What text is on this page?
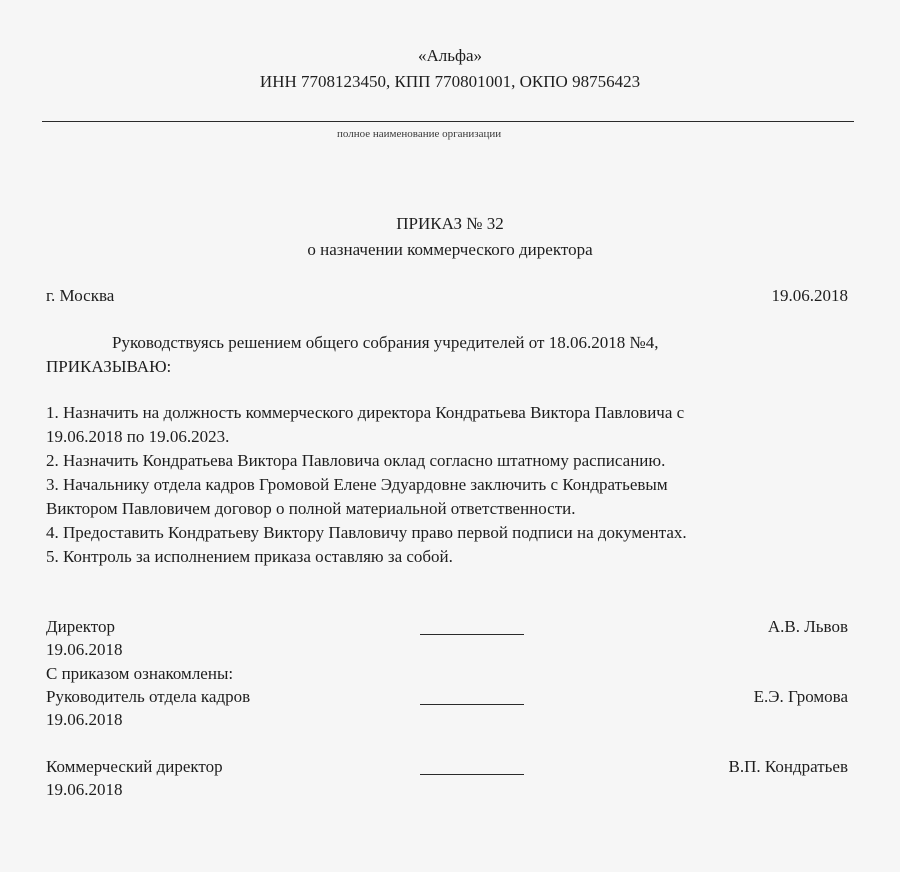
«Альфа»
ИНН 7708123450, КПП 770801001, ОКПО 98756423
полное наименование организации
ПРИКАЗ № 32
о назначении коммерческого директора
г. Москва	19.06.2018
Руководствуясь решением общего собрания учредителей от 18.06.2018 №4,
ПРИКАЗЫВАЮ:
1. Назначить на должность коммерческого директора Кондратьева Виктора Павловича с
19.06.2018 по 19.06.2023.
2. Назначить Кондратьева Виктора Павловича оклад согласно штатному расписанию.
3. Начальнику отдела кадров Громовой Елене Эдуардовне заключить с Кондратьевым
Виктором Павловичем договор о полной материальной ответственности.
4. Предоставить Кондратьеву Виктору Павловичу право первой подписи на документах.
5. Контроль за исполнением приказа оставляю за собой.
Директор	А.В. Львов
19.06.2018
С приказом ознакомлены:
Руководитель отдела кадров	Е.Э. Громова
19.06.2018
Коммерческий директор	В.П. Кондратьев
19.06.2018
